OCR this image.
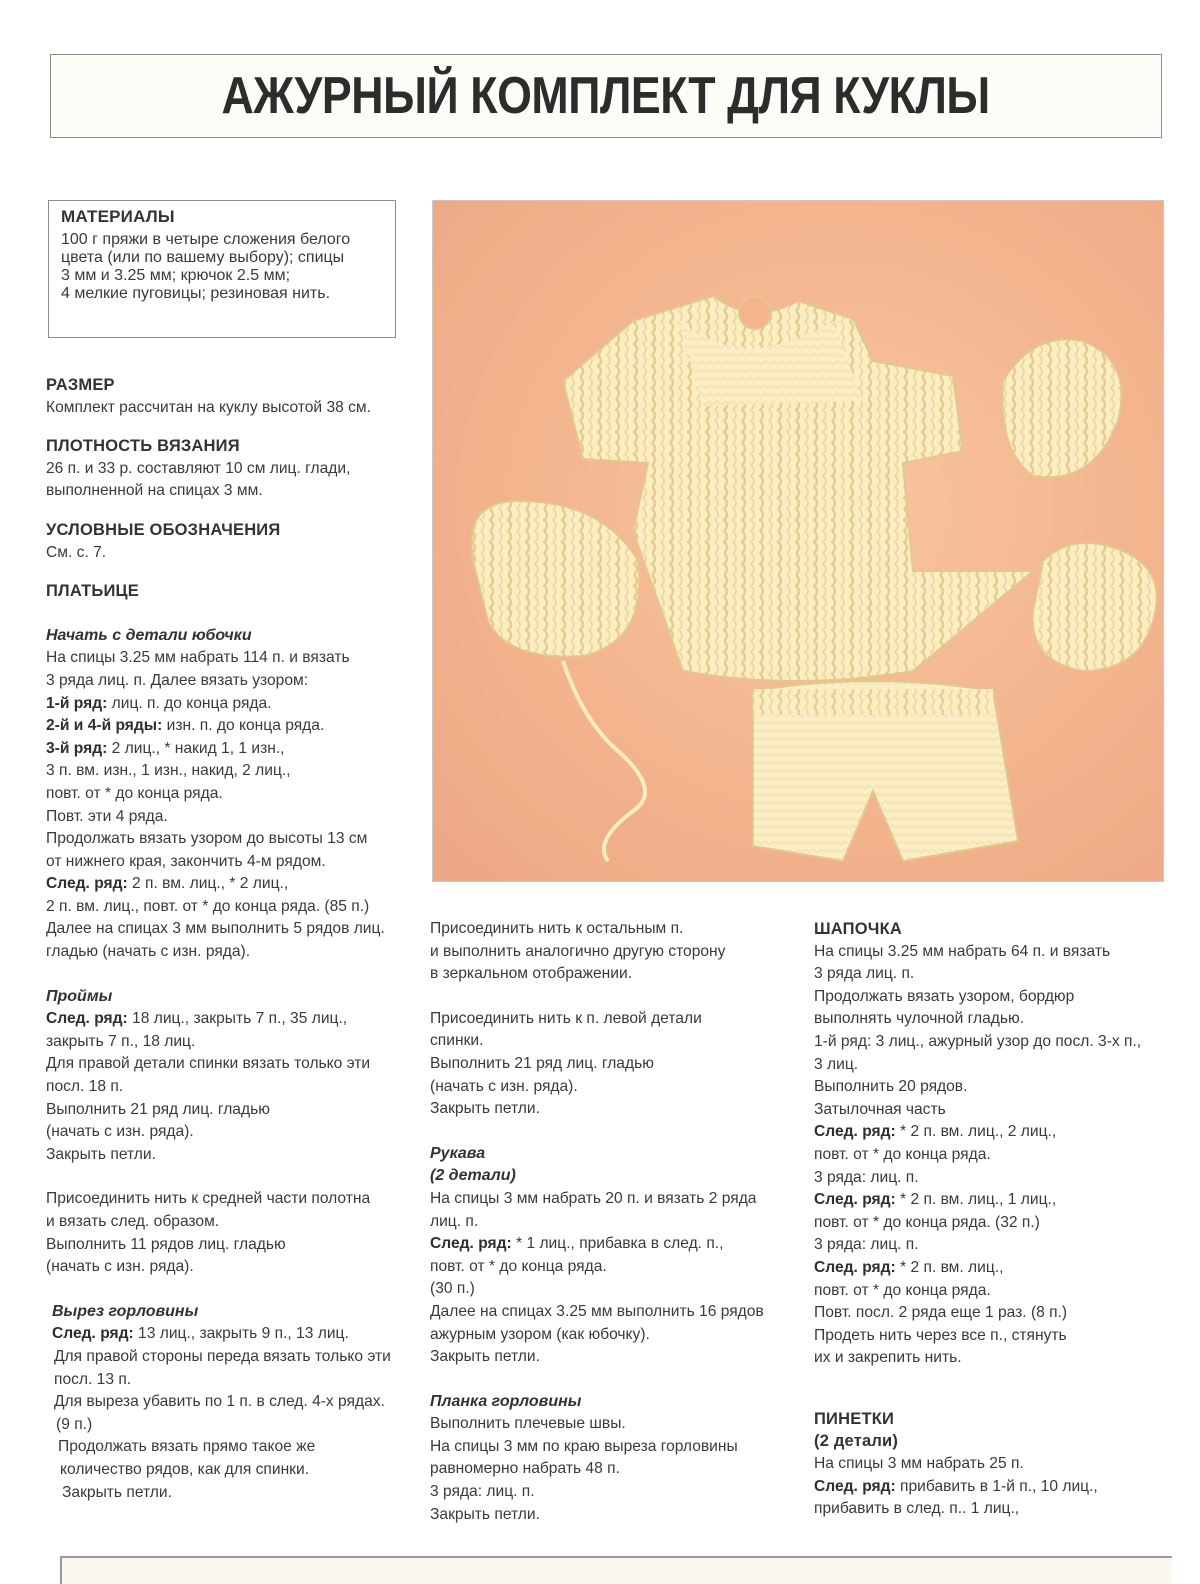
АЖУРНЫЙ КОМПЛЕКТ ДЛЯ КУКЛЫ

МАТЕРИАЛЫ

100 г пряжи в четыре сложения белого

цвета (или по вашему выбору); спицы

3 мм и 3.25 мм; крючок 2.5 мм;

4 мелкие пуговицы; резиновая нить.

РАЗМЕР

Комплект рассчитан на куклу высотой 38 см.

ПЛОТНОСТЬ ВЯЗАНИЯ

26 п. и 33 р. составляют 10 см лиц. глади,

выполненной на спицах 3 мм.

УСЛОВНЫЕ ОБОЗНАЧЕНИЯ

См. с. 7.

ПЛАТЬИЦЕ

Начать с детали юбочки

На спицы 3.25 мм набрать 114 п. и вязать

3 ряда лиц. п. Далее вязать узором:

1-й ряд: лиц. п. до конца ряда.

2-й и 4-й ряды: изн. п. до конца ряда.

3-й ряд: 2 лиц., * накид 1, 1 изн.,

3 п. вм. изн., 1 изн., накид, 2 лиц.,

повт. от * до конца ряда.

Повт. эти 4 ряда.

Продолжать вязать узором до высоты 13 см

от нижнего края, закончить 4-м рядом.

След. ряд: 2 п. вм. лиц., * 2 лиц.,

2 п. вм. лиц., повт. от * до конца ряда. (85 п.)

Далее на спицах 3 мм выполнить 5 рядов лиц.

гладью (начать с изн. ряда).

Проймы

След. ряд: 18 лиц., закрыть 7 п., 35 лиц.,

закрыть 7 п., 18 лиц.

Для правой детали спинки вязать только эти

посл. 18 п.

Выполнить 21 ряд лиц. гладью

(начать с изн. ряда).

Закрыть петли.

Присоединить нить к средней части полотна

и вязать след. образом.

Выполнить 11 рядов лиц. гладью

(начать с изн. ряда).

Вырез горловины

След. ряд: 13 лиц., закрыть 9 п., 13 лиц.

Для правой стороны переда вязать только эти

посл. 13 п.

Для выреза убавить по 1 п. в след. 4-х рядах.

(9 п.)

Продолжать вязать прямо такое же

количество рядов, как для спинки.

Закрыть петли.

Присоединить нить к остальным п.

и выполнить аналогично другую сторону

в зеркальном отображении.

Присоединить нить к п. левой детали

спинки.

Выполнить 21 ряд лиц. гладью

(начать с изн. ряда).

Закрыть петли.

Рукава

(2 детали)

На спицы 3 мм набрать 20 п. и вязать 2 ряда

лиц. п.

След. ряд: * 1 лиц., прибавка в след. п.,

повт. от * до конца ряда.

(30 п.)

Далее на спицах 3.25 мм выполнить 16 рядов

ажурным узором (как юбочку).

Закрыть петли.

Планка горловины

Выполнить плечевые швы.

На спицы 3 мм по краю выреза горловины

равномерно набрать 48 п.

3 ряда: лиц. п.

Закрыть петли.

ШАПОЧКА

На спицы 3.25 мм набрать 64 п. и вязать

3 ряда лиц. п.

Продолжать вязать узором, бордюр

выполнять чулочной гладью.

1-й ряд: 3 лиц., ажурный узор до посл. 3-х п.,

3 лиц.

Выполнить 20 рядов.

Затылочная часть

След. ряд: * 2 п. вм. лиц., 2 лиц.,

повт. от * до конца ряда.

3 ряда: лиц. п.

След. ряд: * 2 п. вм. лиц., 1 лиц.,

повт. от * до конца ряда. (32 п.)

3 ряда: лиц. п.

След. ряд: * 2 п. вм. лиц.,

повт. от * до конца ряда.

Повт. посл. 2 ряда еще 1 раз. (8 п.)

Продеть нить через все п., стянуть

их и закрепить нить.

ПИНЕТКИ

(2 детали)

На спицы 3 мм набрать 25 п.

След. ряд: прибавить в 1-й п., 10 лиц.,

прибавить в след. п.. 1 лиц.,
